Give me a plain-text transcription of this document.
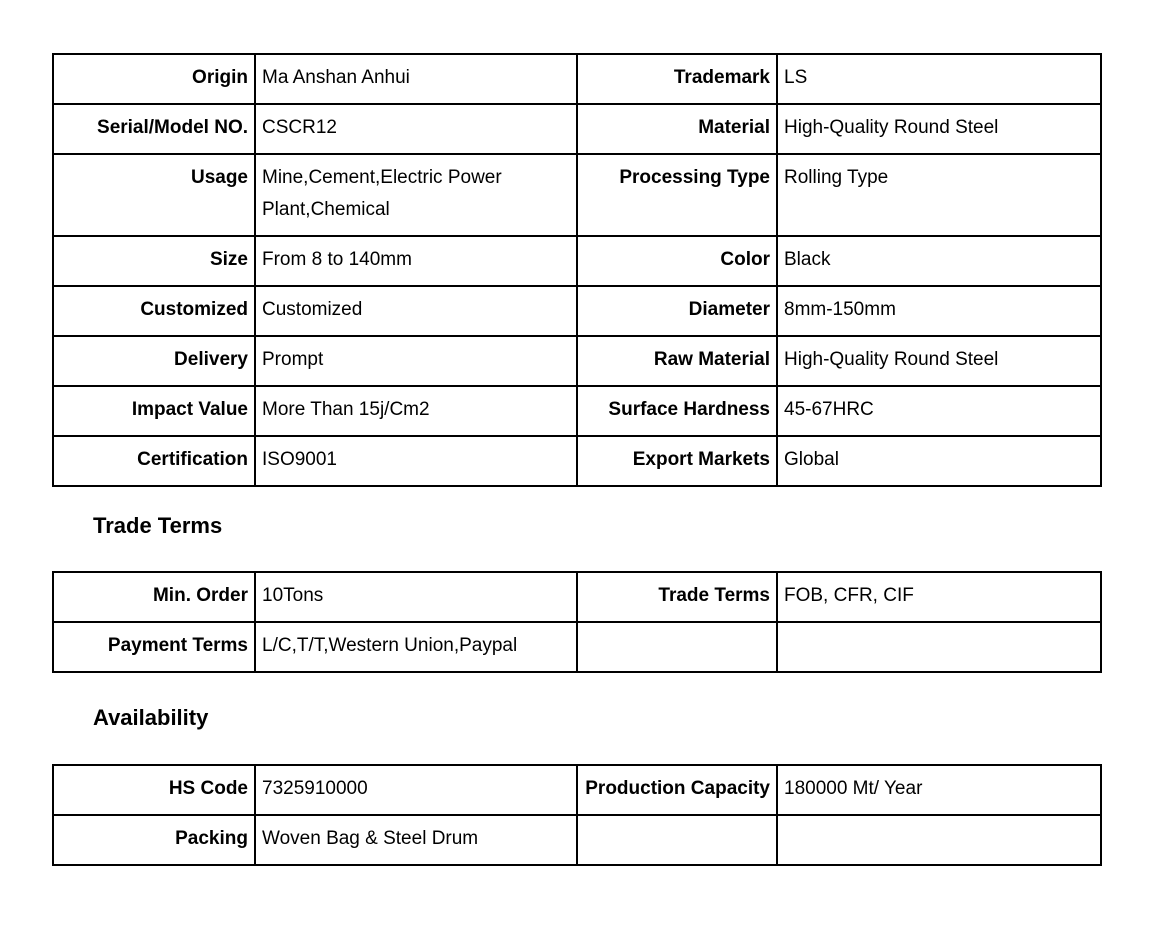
Origin	Ma Anshan Anhui	Trademark	LS
Serial/Model NO.	CSCR12	Material	High-Quality Round Steel
Usage	Mine,Cement,Electric Power Plant,Chemical	Processing Type	Rolling Type
Size	From 8 to 140mm	Color	Black
Customized	Customized	Diameter	8mm-150mm
Delivery	Prompt	Raw Material	High-Quality Round Steel
Impact Value	More Than 15j/Cm2	Surface Hardness	45-67HRC
Certification	ISO9001	Export Markets	Global
Trade Terms
Min. Order	10Tons	Trade Terms	FOB, CFR, CIF
Payment Terms	L/C,T/T,Western Union,Paypal		
Availability
HS Code	7325910000	Production Capacity	180000 Mt/ Year
Packing	Woven Bag & Steel Drum		
